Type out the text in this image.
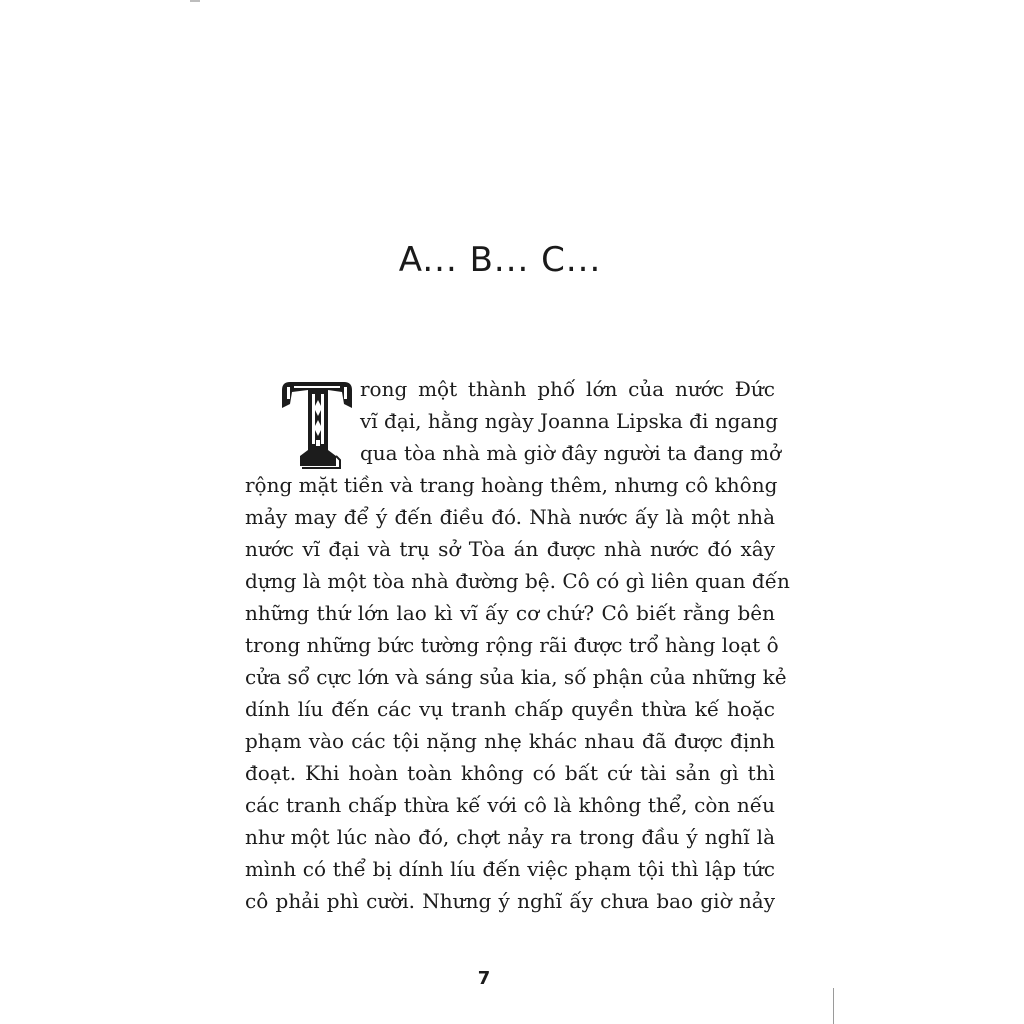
A... B... C...
T
rong một thành phố lớn của nước Đức
vĩ đại, hằng ngày Joanna Lipska đi ngang
qua tòa nhà mà giờ đây người ta đang mở
rộng mặt tiền và trang hoàng thêm, nhưng cô không
mảy may để ý đến điều đó. Nhà nước ấy là một nhà
nước vĩ đại và trụ sở Tòa án được nhà nước đó xây
dựng là một tòa nhà đường bệ. Cô có gì liên quan đến
những thứ lớn lao kì vĩ ấy cơ chứ? Cô biết rằng bên
trong những bức tường rộng rãi được trổ hàng loạt ô
cửa sổ cực lớn và sáng sủa kia, số phận của những kẻ
dính líu đến các vụ tranh chấp quyền thừa kế hoặc
phạm vào các tội nặng nhẹ khác nhau đã được định
đoạt. Khi hoàn toàn không có bất cứ tài sản gì thì
các tranh chấp thừa kế với cô là không thể, còn nếu
như một lúc nào đó, chợt nảy ra trong đầu ý nghĩ là
mình có thể bị dính líu đến việc phạm tội thì lập tức
cô phải phì cười. Nhưng ý nghĩ ấy chưa bao giờ nảy
7
